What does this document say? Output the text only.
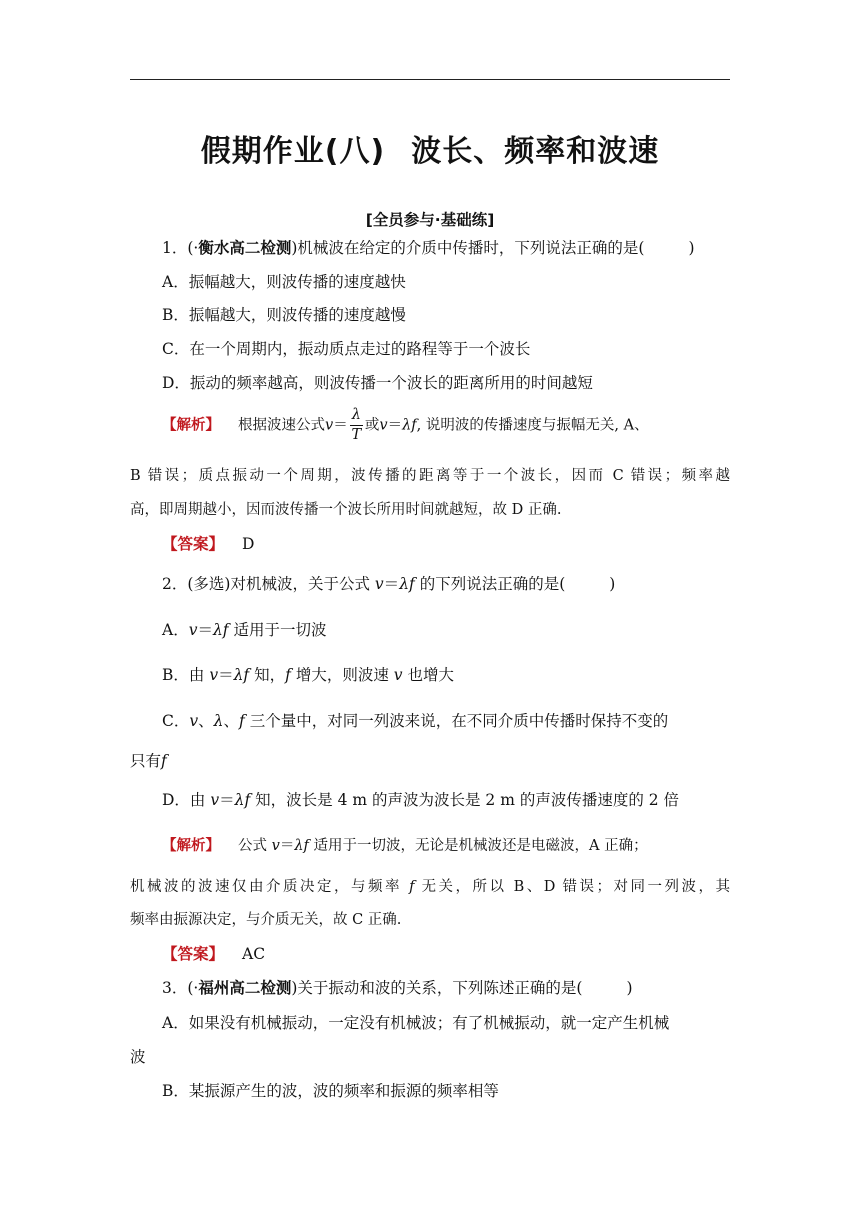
假期作业(八) 波长、频率和波速
[全员参与·基础练]
1．(·衡水高二检测)机械波在给定的介质中传播时，下列说法正确的是(	)
A．振幅越大，则波传播的速度越快
B．振幅越大，则波传播的速度越慢
C．在一个周期内，振动质点走过的路程等于一个波长
D．振动的频率越高，则波传播一个波长的距离所用的时间越短
【解析】 根据波速公式$v= \frac{\lambda}{T}$ 或v＝λf, 说明波的传播速度与振幅无关, A、
B 错误；质点振动一个周期，波传播的距离等于一个波长，因而 C 错误；频率越
高，即周期越小，因而波传播一个波长所用时间就越短，故 D 正确.
【答案】 D
2．(多选)对机械波，关于公式 v＝λf 的下列说法正确的是(	)
A．v＝λf 适用于一切波
B．由 v＝λf 知，f 增大，则波速 v 也增大
C．v、λ、f 三个量中，对同一列波来说，在不同介质中传播时保持不变的
只有f
D．由 v＝λf 知，波长是 4 m 的声波为波长是 2 m 的声波传播速度的 2 倍
【解析】 公式 v＝λf 适用于一切波，无论是机械波还是电磁波，A 正确；
机械波的波速仅由介质决定，与频率 f 无关，所以 B、D 错误；对同一列波，其
频率由振源决定，与介质无关，故 C 正确.
【答案】 AC
3．(·福州高二检测)关于振动和波的关系，下列陈述正确的是(	)
A．如果没有机械振动，一定没有机械波；有了机械振动，就一定产生机械
波
B．某振源产生的波，波的频率和振源的频率相等
